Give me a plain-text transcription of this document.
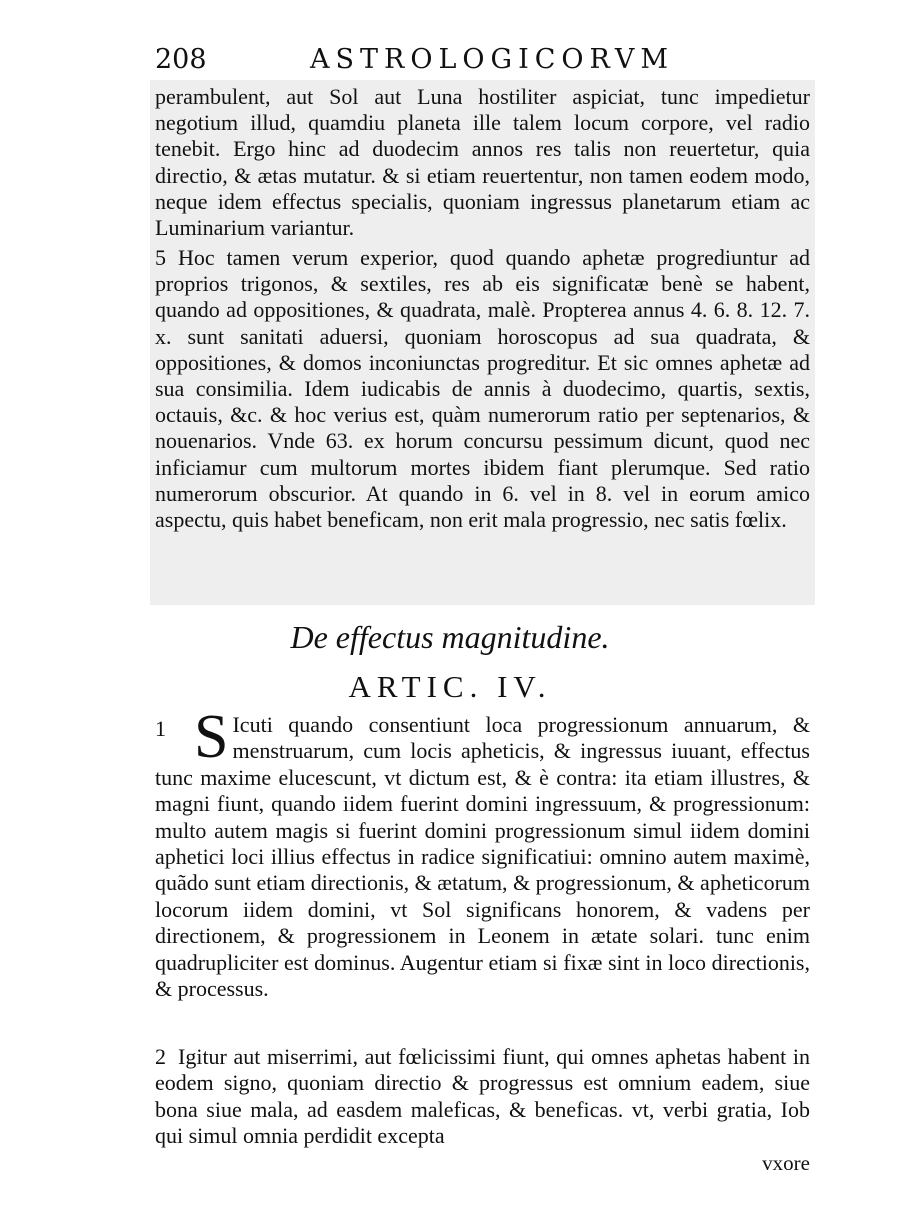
208	ASTROLOGICORVM
perambulent, aut Sol aut Luna hostiliter aspiciat, tunc impedietur negotium illud, quamdiu planeta ille talem locum corpore, vel radio tenebit. Ergo hinc ad duodecim annos res talis non reuertetur, quia directio, & ætas mutatur. & si etiam reuertentur, non tamen eodem modo, neque idem effectus specialis, quoniam ingressus planetarum etiam ac Luminarium variantur.
5 Hoc tamen verum experior, quod quando aphetæ progrediuntur ad proprios trigonos, & sextiles, res ab eis significatæ benè se habent, quando ad oppositiones, & quadrata, malè. Propterea annus 4. 6. 8. 12. 7. x. sunt sanitati aduersi, quoniam horoscopus ad sua quadrata, & oppositiones, & domos inconiunctas progreditur. Et sic omnes aphetæ ad sua consimilia. Idem iudicabis de annis à duodecimo, quartis, sextis, octauis, &c. & hoc verius est, quàm numerorum ratio per septenarios, & nouenarios. Vnde 63. ex horum concursu pessimum dicunt, quod nec inficiamur cum multorum mortes ibidem fiant plerumque. Sed ratio numerorum obscurior. At quando in 6. vel in 8. vel in eorum amico aspectu, quis habet beneficam, non erit mala progressio, nec satis fœlix.
De effectus magnitudine.
ARTIC. IV.
1 S Icuti quando consentiunt loca progressionum annuarum, & menstruarum, cum locis apheticis, & ingressus iuuant, effectus tunc maxime elucescunt, vt dictum est, & è contra: ita etiam illustres, & magni fiunt, quando iidem fuerint domini ingressuum, & progressionum: multo autem magis si fuerint domini progressionum simul iidem domini aphetici loci illius effectus in radice significatiui: omnino autem maximè, quãdo sunt etiam directionis, & ætatum, & progressionum, & apheticorum locorum iidem domini, vt Sol significans honorem, & vadens per directionem, & progressionem in Leonem in ætate solari. tunc enim quadrupliciter est dominus. Augentur etiam si fixæ sint in loco directionis, & processus.
2 Igitur aut miserrimi, aut fœlicissimi fiunt, qui omnes aphetas habent in eodem signo, quoniam directio & progressus est omnium eadem, siue bona siue mala, ad easdem maleficas, & beneficas. vt, verbi gratia, Iob qui simul omnia perdidit excepta
vxore
